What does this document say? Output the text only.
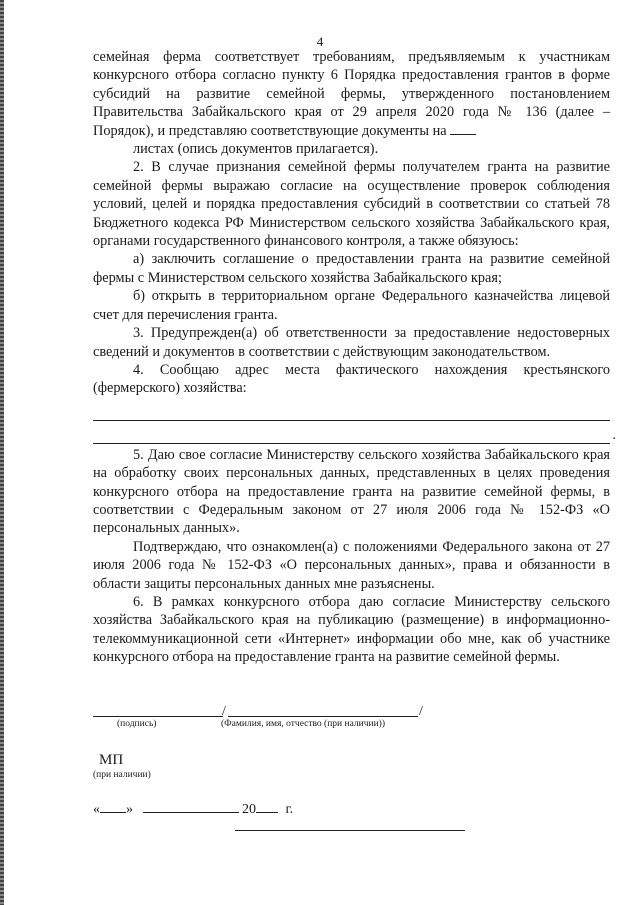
4

семейная ферма соответствует требованиям, предъявляемым к участникам конкурсного отбора согласно пункту 6 Порядка предоставления грантов в форме субсидий на развитие семейной фермы, утвержденного постановлением Правительства Забайкальского края от 29 апреля 2020 года № 136 (далее – Порядок), и представляю соответствующие документы на

листах (опись документов прилагается).

2. В случае признания семейной фермы получателем гранта на развитие семейной фермы выражаю согласие на осуществление проверок соблюдения условий, целей и порядка предоставления субсидий в соответствии со статьей 78 Бюджетного кодекса РФ Министерством сельского хозяйства Забайкальского края, органами государственного финансового контроля, а также обязуюсь:

а) заключить соглашение о предоставлении гранта на развитие семейной фермы с Министерством сельского хозяйства Забайкальского края;

б) открыть в территориальном органе Федерального казначейства лицевой счет для перечисления гранта.

3. Предупрежден(а) об ответственности за предоставление недостоверных сведений и документов в соответствии с действующим законодательством.

4. Сообщаю адрес места фактического нахождения крестьянского (фермерского) хозяйства:

.

5. Даю свое согласие Министерству сельского хозяйства Забайкальского края на обработку своих персональных данных, представленных в целях проведения конкурсного отбора на предоставление гранта на развитие семейной фермы, в соответствии с Федеральным законом от 27 июля 2006 года № 152-ФЗ «О персональных данных».

Подтверждаю, что ознакомлен(а) с положениями Федерального закона от 27 июля 2006 года № 152-ФЗ «О персональных данных», права и обязанности в области защиты персональных данных мне разъяснены.

6. В рамках конкурсного отбора даю согласие Министерству сельского хозяйства Забайкальского края на публикацию (размещение) в информационно-телекоммуникационной сети «Интернет» информации обо мне, как об участнике конкурсного отбора на предоставление гранта на развитие семейной фермы.

/	/
(подпись)	(Фамилия, имя, отчество (при наличии))
МП
(при наличии)
« »	20 г.
